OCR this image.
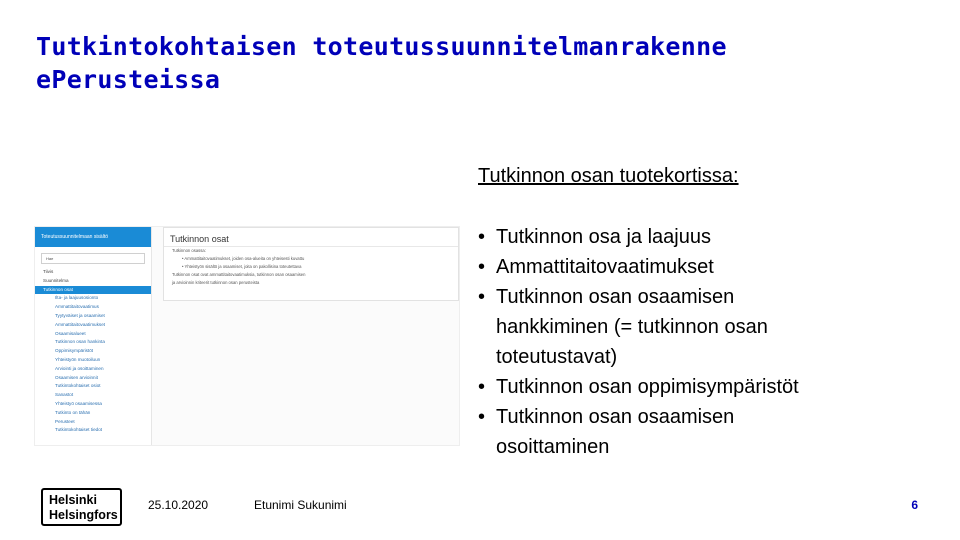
Tutkintokohtaisen toteutussuunnitelmanrakenne
ePerusteissa
Toteutussuunnitelmaan sisältö
Hae
Tiivis
Suunnitelma
Tutkinnon osat
Ilta- ja laajuusosionto
Ammattitaitovaatimus
Tyytyväiset ja osaamiset
Ammattitaitovaatimukset
Osaamisalueet
Tutkinnon osan hankinta
Oppimisympäristöt
Yhteistyön muotoiluun
Arviointi ja osoittaminen
Osaamisen arvioinnit
Tutkintokohtaiset osiot
Sanastot
Yhteistyö osaamisessa
Tutkinto on tähän
Perusteet
Tutkintokohtaiset tiedot
Tutkinnon osat
Tutkinnon osassa:
• Ammattitaitovaatimukset, joiden osa-alueita on yhteisesti kuvattu
• Yhteistyön sisältö ja osaamiset, joita on pakollisina toteutettava
Tutkinnon osat ovat ammattitaitovaatimuksia, tutkinnon osan osaamisen
ja arvioinnin kriteerit tutkinnon osan perusteista
Tutkinnon osan tuotekortissa:
• Tutkinnon osa ja laajuus
• Ammattitaitovaatimukset
• Tutkinnon osan osaamisen
hankkiminen (= tutkinnon osan
toteutustavat)
• Tutkinnon osan oppimisympäristöt
• Tutkinnon osan osaamisen
osoittaminen
Helsinki
Helsingfors
25.10.2020	Etunimi Sukunimi	6
